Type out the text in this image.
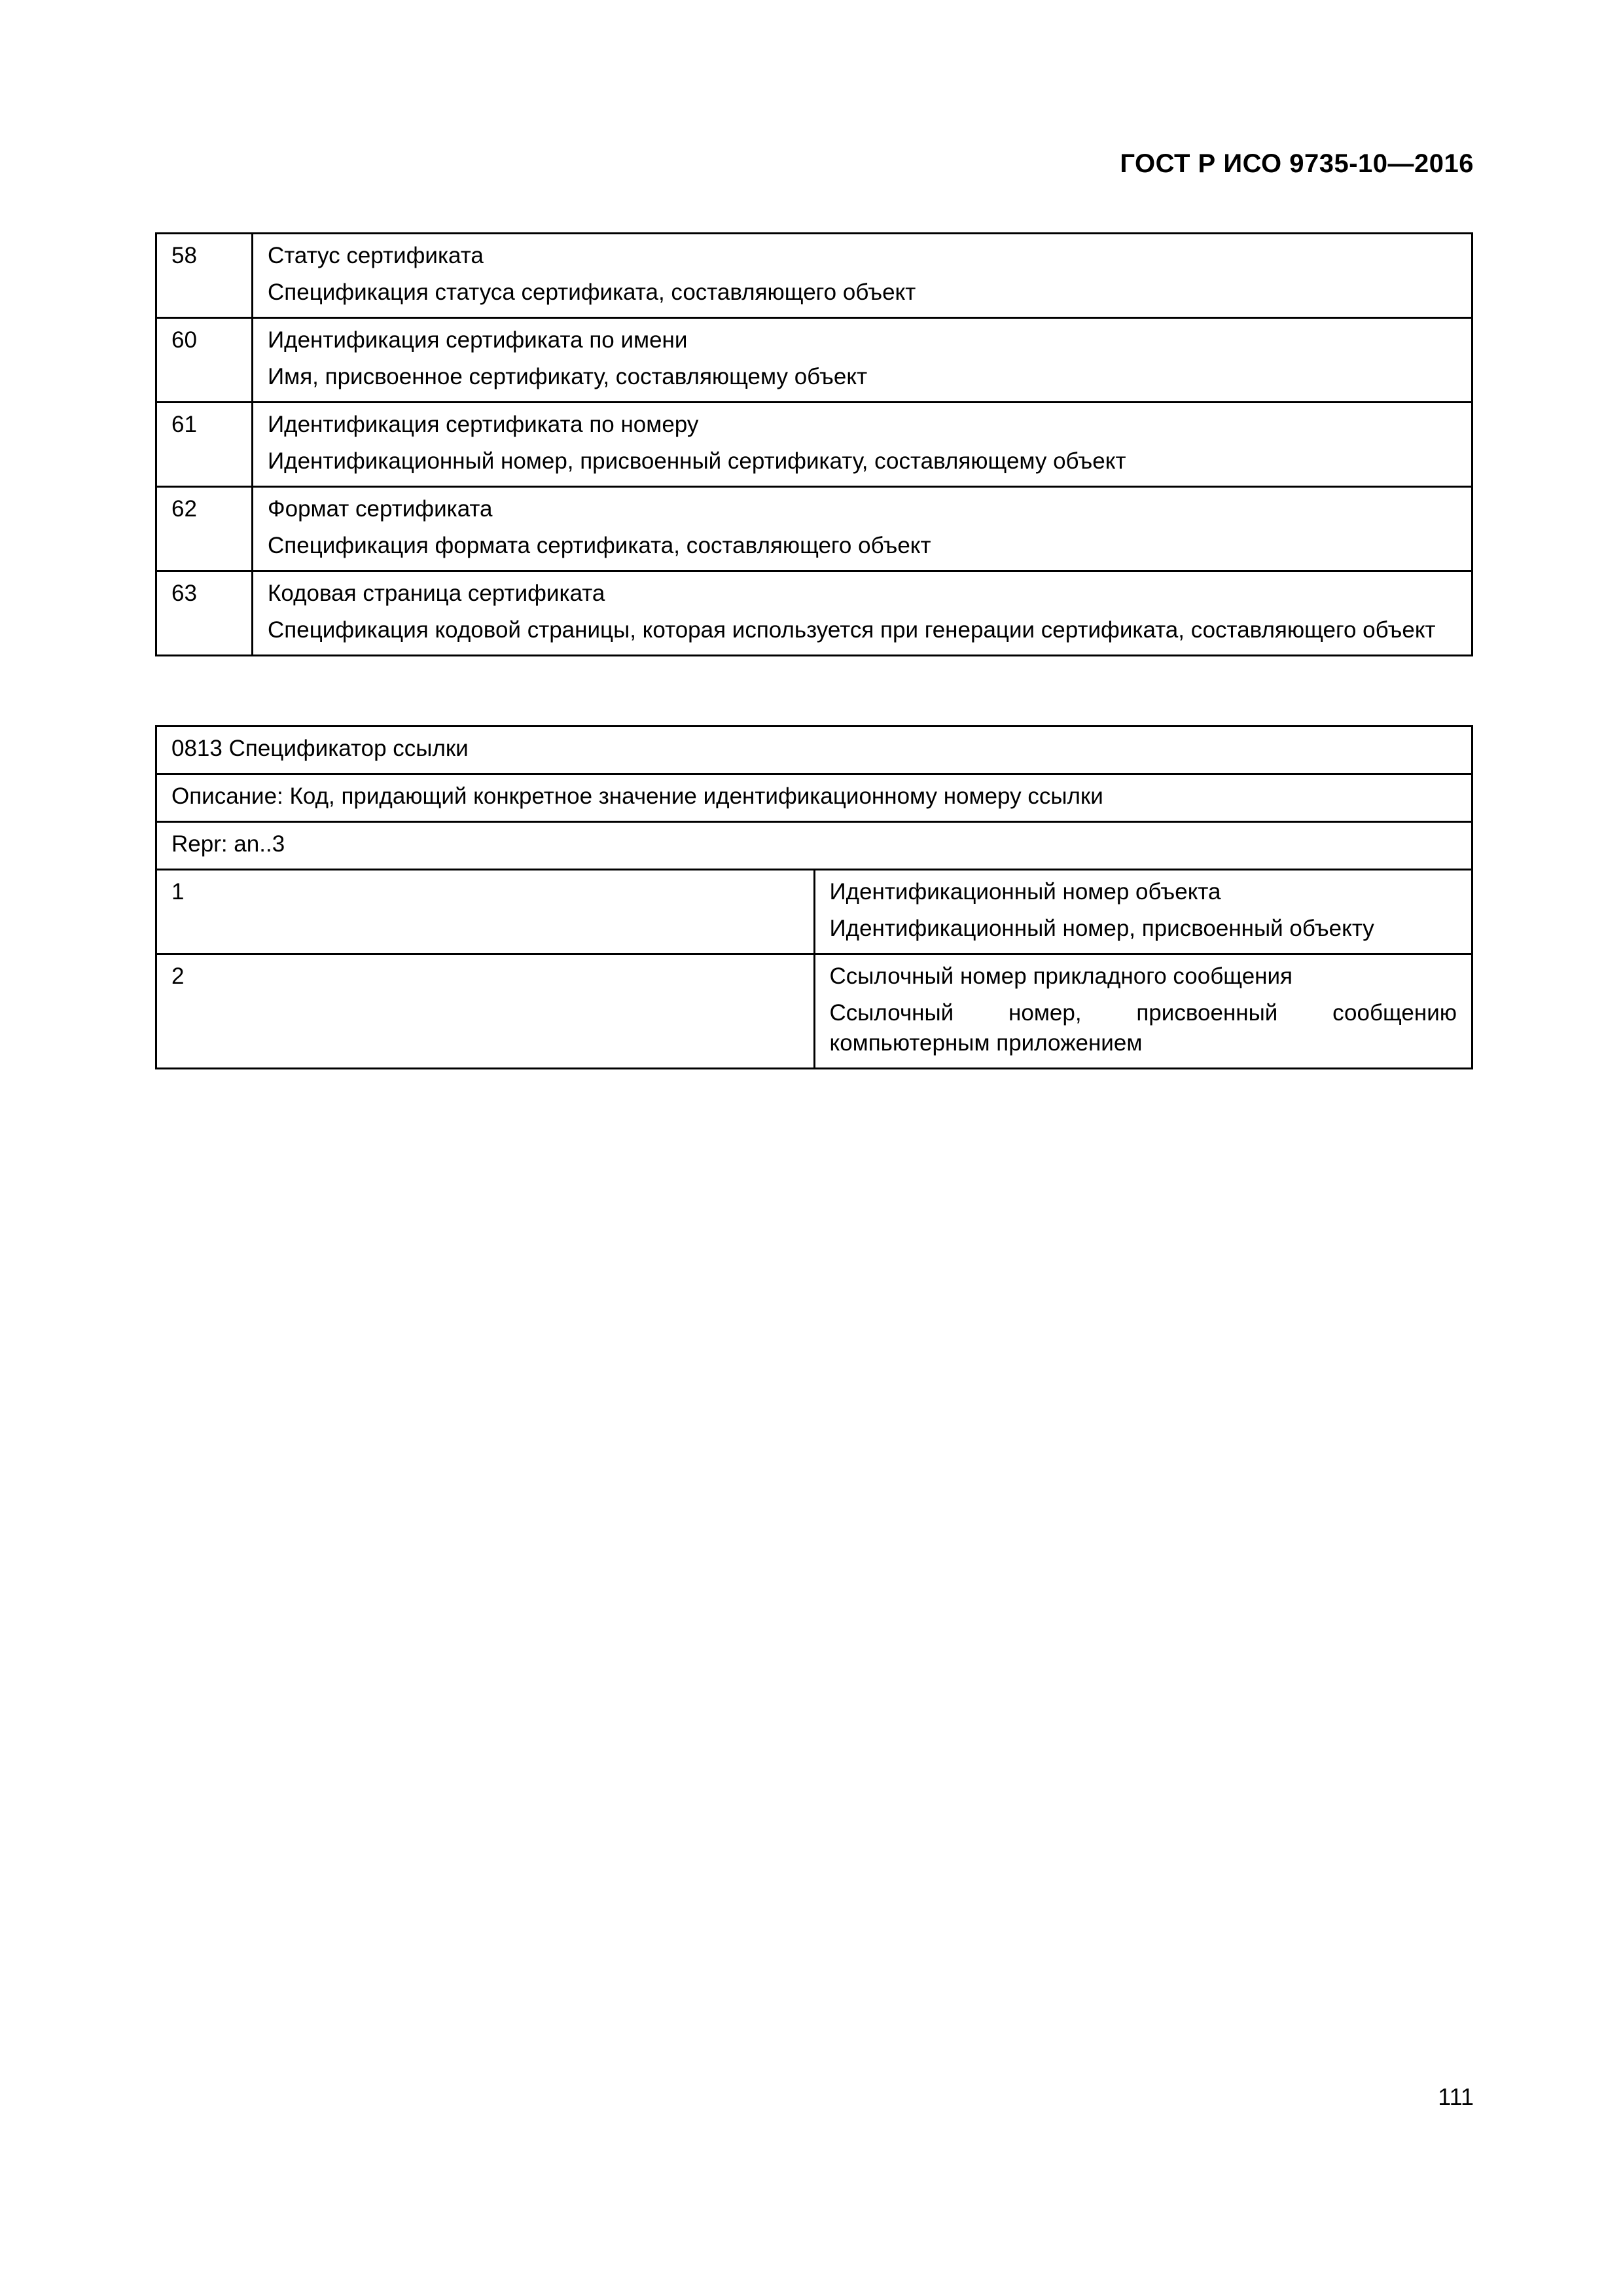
ГОСТ Р ИСО 9735-10—2016
58	Статус сертификата
Спецификация статуса сертификата, составляющего объект

60	Идентификация сертификата по имени
Имя, присвоенное сертификату, составляющему объект

61	Идентификация сертификата по номеру
Идентификационный номер, присвоенный сертификату, составляющему объект

62	Формат сертификата
Спецификация формата сертификата, составляющего объект

63	Кодовая страница сертификата
Спецификация кодовой страницы, которая используется при генерации сертификата, составляющего объект
0813 Спецификатор ссылки	
Описание: Код, придающий конкретное значение идентификационному номеру ссылки	
Repr: an..3	
1	Идентификационный номер объекта
Идентификационный номер, присвоенный объекту

2	Ссылочный номер прикладного сообщения
Ссылочный номер, присвоенный сообщению компьютерным приложением
111
